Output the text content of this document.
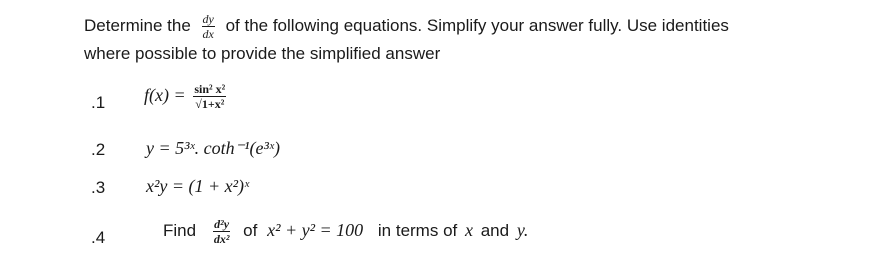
Determine the $\frac{dy}{dx}$ of the following equations. Simplify your answer fully. Use identities
where possible to provide the simplified answer
.1 $f(x) = \frac{\text{sin² x²}}{\text{√1+x²}}$
.2 y = 5³ˣ. coth⁻¹(e³ˣ)
.3 x²y = (1 + x²)ˣ
.4	Find $\frac{\text{d²y}}{\text{dx²}}$ of x² + y² = 100 in terms of x and y.
